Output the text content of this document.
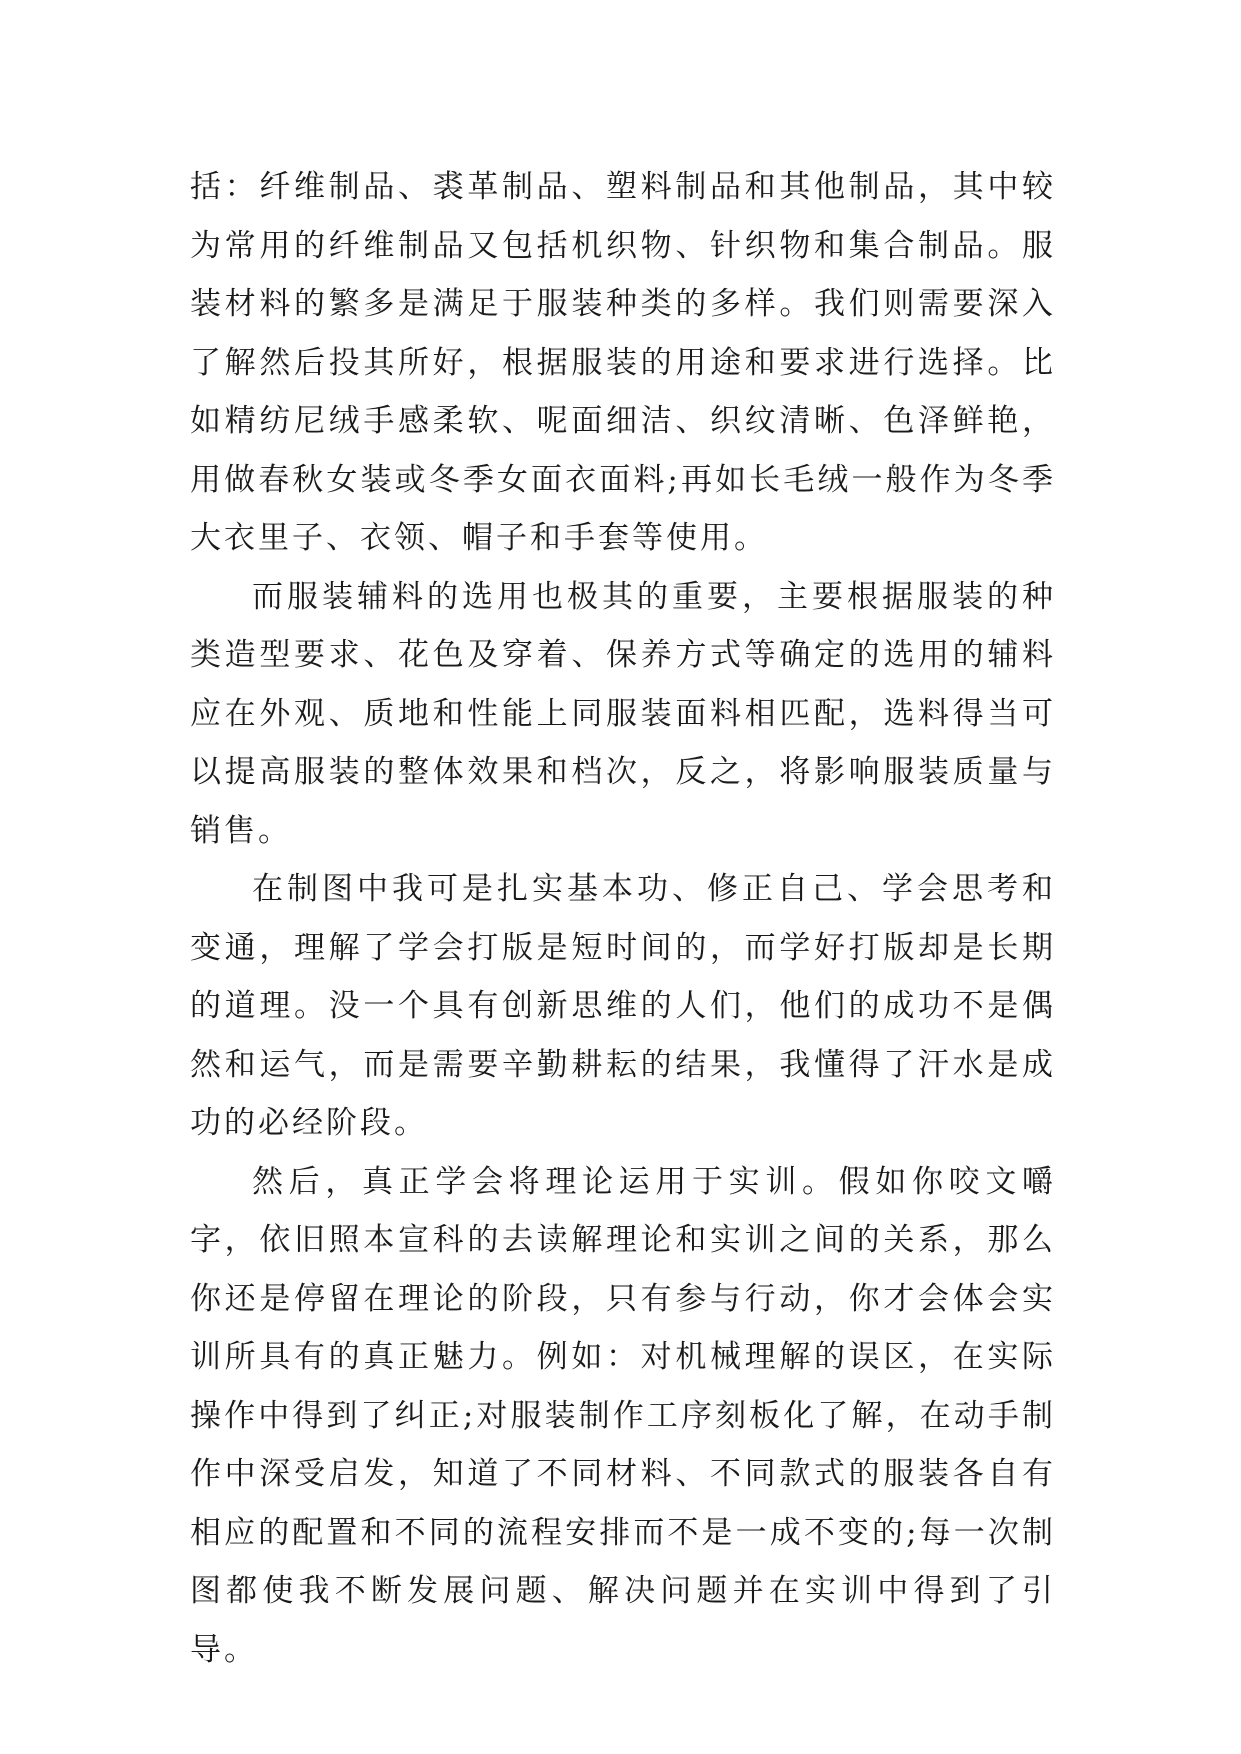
括：纤维制品、裘革制品、塑料制品和其他制品，其中较为常用的纤维制品又包括机织物、针织物和集合制品。服装材料的繁多是满足于服装种类的多样。我们则需要深入了解然后投其所好，根据服装的用途和要求进行选择。比如精纺尼绒手感柔软、呢面细洁、织纹清晰、色泽鲜艳，用做春秋女装或冬季女面衣面料;再如长毛绒一般作为冬季大衣里子、衣领、帽子和手套等使用。

而服装辅料的选用也极其的重要，主要根据服装的种类造型要求、花色及穿着、保养方式等确定的选用的辅料应在外观、质地和性能上同服装面料相匹配，选料得当可以提高服装的整体效果和档次，反之，将影响服装质量与销售。

在制图中我可是扎实基本功、修正自己、学会思考和变通，理解了学会打版是短时间的，而学好打版却是长期的道理。没一个具有创新思维的人们，他们的成功不是偶然和运气，而是需要辛勤耕耘的结果，我懂得了汗水是成功的必经阶段。

然后，真正学会将理论运用于实训。假如你咬文嚼字，依旧照本宣科的去读解理论和实训之间的关系，那么你还是停留在理论的阶段，只有参与行动，你才会体会实训所具有的真正魅力。例如：对机械理解的误区，在实际操作中得到了纠正;对服装制作工序刻板化了解，在动手制作中深受启发，知道了不同材料、不同款式的服装各自有相应的配置和不同的流程安排而不是一成不变的;每一次制图都使我不断发展问题、解决问题并在实训中得到了引导。
